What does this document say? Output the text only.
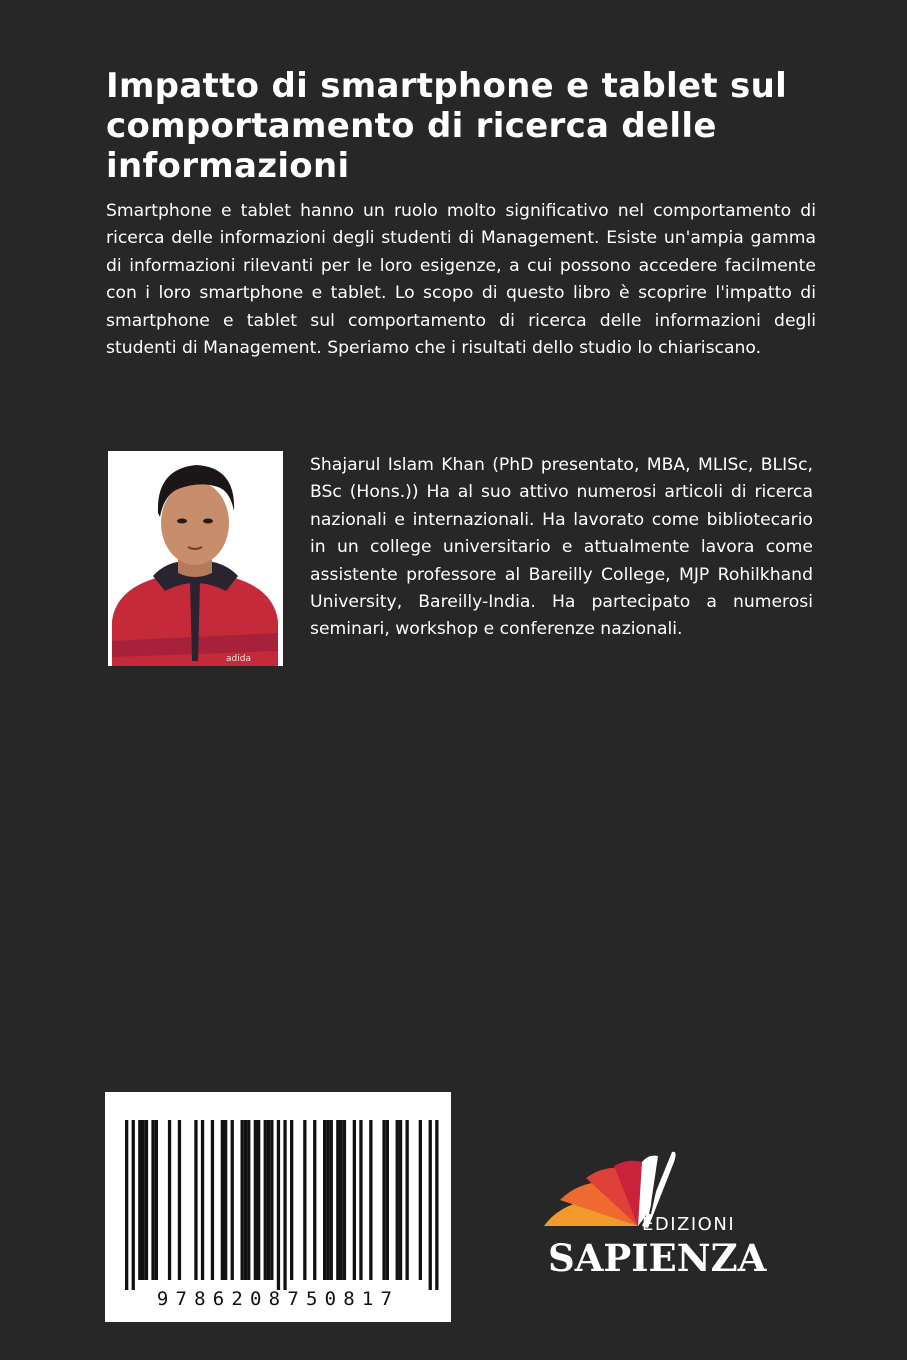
Impatto di smartphone e tablet sul comportamento di ricerca delle informazioni

Smartphone e tablet hanno un ruolo molto significativo nel comportamento di ricerca delle informazioni degli studenti di Management. Esiste un'ampia gamma di informazioni rilevanti per le loro esigenze, a cui possono accedere facilmente con i loro smartphone e tablet. Lo scopo di questo libro è scoprire l'impatto di smartphone e tablet sul comportamento di ricerca delle informazioni degli studenti di Management. Speriamo che i risultati dello studio lo chiariscano.

adida

Shajarul Islam Khan (PhD presentato, MBA, MLISc, BLISc, BSc (Hons.)) Ha al suo attivo numerosi articoli di ricerca nazionali e internazionali. Ha lavorato come bibliotecario in un college universitario e attualmente lavora come assistente professore al Bareilly College, MJP Rohilkhand University, Bareilly-India. Ha partecipato a numerosi seminari, workshop e conferenze nazionali.

9786208750817
EDIZIONI
SAPIENZA
